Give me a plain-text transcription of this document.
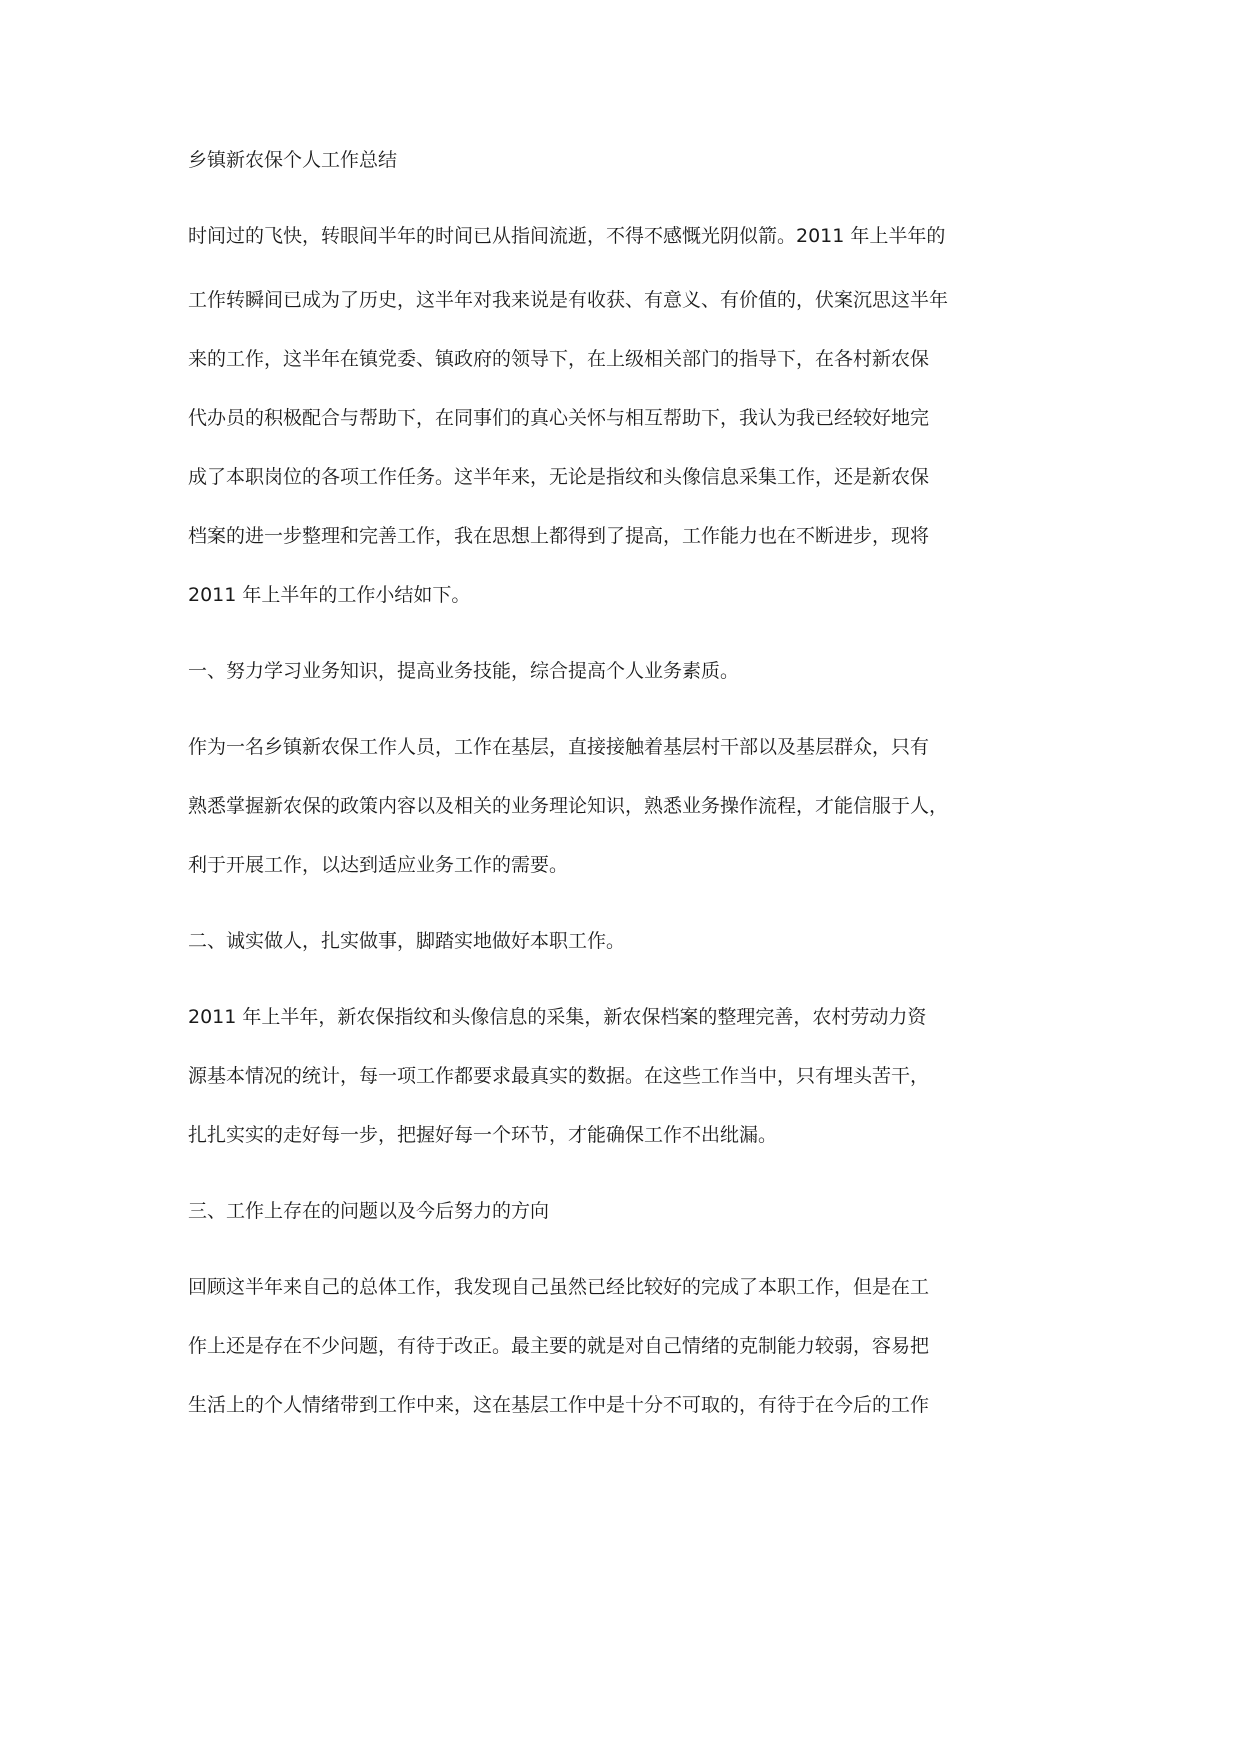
乡镇新农保个人工作总结

时间过的飞快，转眼间半年的时间已从指间流逝，不得不感慨光阴似箭。2011 年上半年的

工作转瞬间已成为了历史，这半年对我来说是有收获、有意义、有价值的，伏案沉思这半年

来的工作，这半年在镇党委、镇政府的领导下，在上级相关部门的指导下，在各村新农保

代办员的积极配合与帮助下，在同事们的真心关怀与相互帮助下，我认为我已经较好地完

成了本职岗位的各项工作任务。这半年来，无论是指纹和头像信息采集工作，还是新农保

档案的进一步整理和完善工作，我在思想上都得到了提高，工作能力也在不断进步，现将

2011 年上半年的工作小结如下。

一、努力学习业务知识，提高业务技能，综合提高个人业务素质。

作为一名乡镇新农保工作人员，工作在基层，直接接触着基层村干部以及基层群众，只有

熟悉掌握新农保的政策内容以及相关的业务理论知识，熟悉业务操作流程，才能信服于人，

利于开展工作，以达到适应业务工作的需要。

二、诚实做人，扎实做事，脚踏实地做好本职工作。

2011 年上半年，新农保指纹和头像信息的采集，新农保档案的整理完善，农村劳动力资

源基本情况的统计，每一项工作都要求最真实的数据。在这些工作当中，只有埋头苦干，

扎扎实实的走好每一步，把握好每一个环节，才能确保工作不出纰漏。

三、工作上存在的问题以及今后努力的方向

回顾这半年来自己的总体工作，我发现自己虽然已经比较好的完成了本职工作，但是在工

作上还是存在不少问题，有待于改正。最主要的就是对自己情绪的克制能力较弱，容易把

生活上的个人情绪带到工作中来，这在基层工作中是十分不可取的，有待于在今后的工作
